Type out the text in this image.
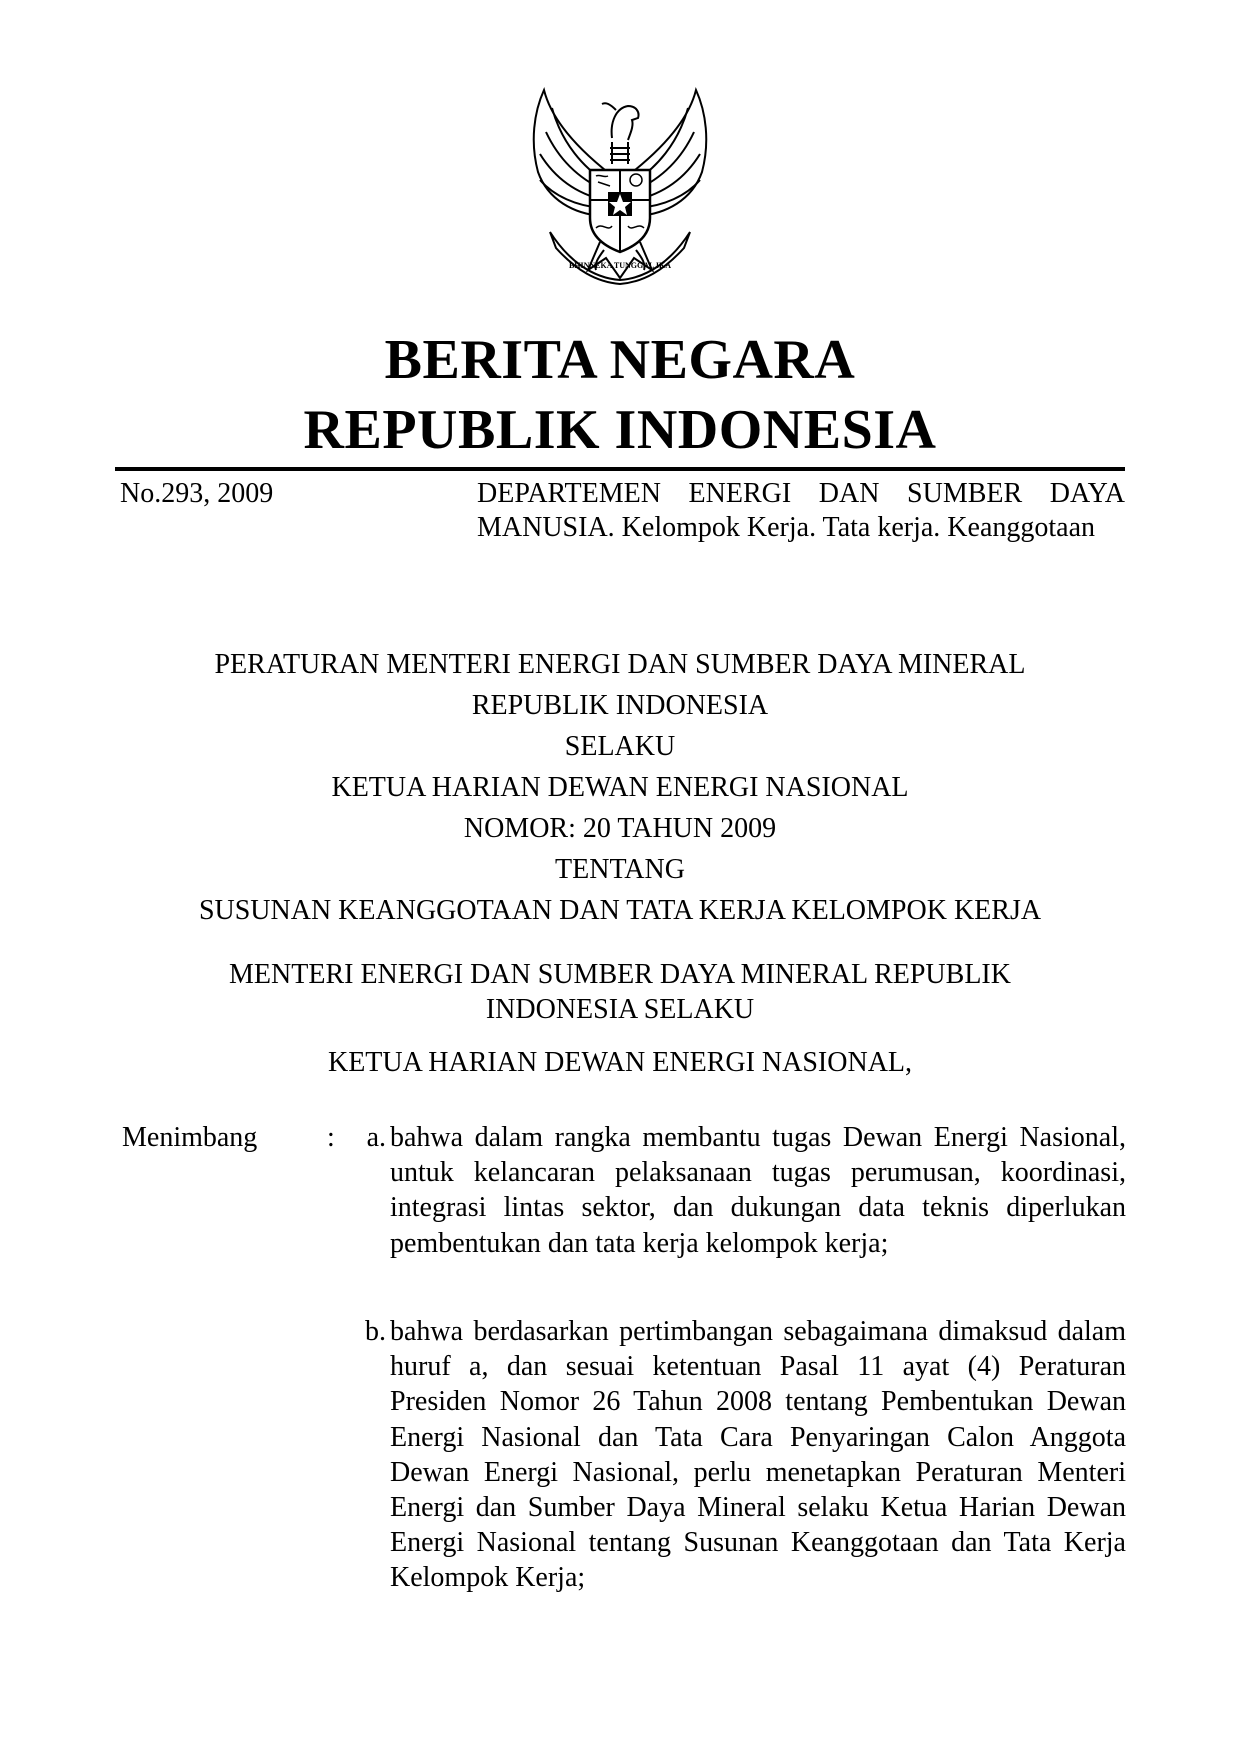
BHINNEKA TUNGGAL IKA
BERITA NEGARA
REPUBLIK INDONESIA
No.293, 2009	DEPARTEMEN ENERGI DAN SUMBER DAYA MANUSIA. Kelompok Kerja. Tata kerja. Keanggotaan
PERATURAN MENTERI ENERGI DAN SUMBER DAYA MINERAL
REPUBLIK INDONESIA
SELAKU
KETUA HARIAN DEWAN ENERGI NASIONAL
NOMOR: 20 TAHUN 2009
TENTANG
SUSUNAN KEANGGOTAAN DAN TATA KERJA KELOMPOK KERJA
MENTERI ENERGI DAN SUMBER DAYA MINERAL REPUBLIK
INDONESIA SELAKU
KETUA HARIAN DEWAN ENERGI NASIONAL,
Menimbang :	a. bahwa dalam rangka membantu tugas Dewan Energi Nasional, untuk kelancaran pelaksanaan tugas perumusan, koordinasi, integrasi lintas sektor, dan dukungan data teknis diperlukan pembentukan dan tata kerja kelompok kerja;
b. bahwa berdasarkan pertimbangan sebagaimana dimaksud dalam huruf a, dan sesuai ketentuan Pasal 11 ayat (4) Peraturan Presiden Nomor 26 Tahun 2008 tentang Pembentukan Dewan Energi Nasional dan Tata Cara Penyaringan Calon Anggota Dewan Energi Nasional, perlu menetapkan Peraturan Menteri Energi dan Sumber Daya Mineral selaku Ketua Harian Dewan Energi Nasional tentang Susunan Keanggotaan dan Tata Kerja Kelompok Kerja;
